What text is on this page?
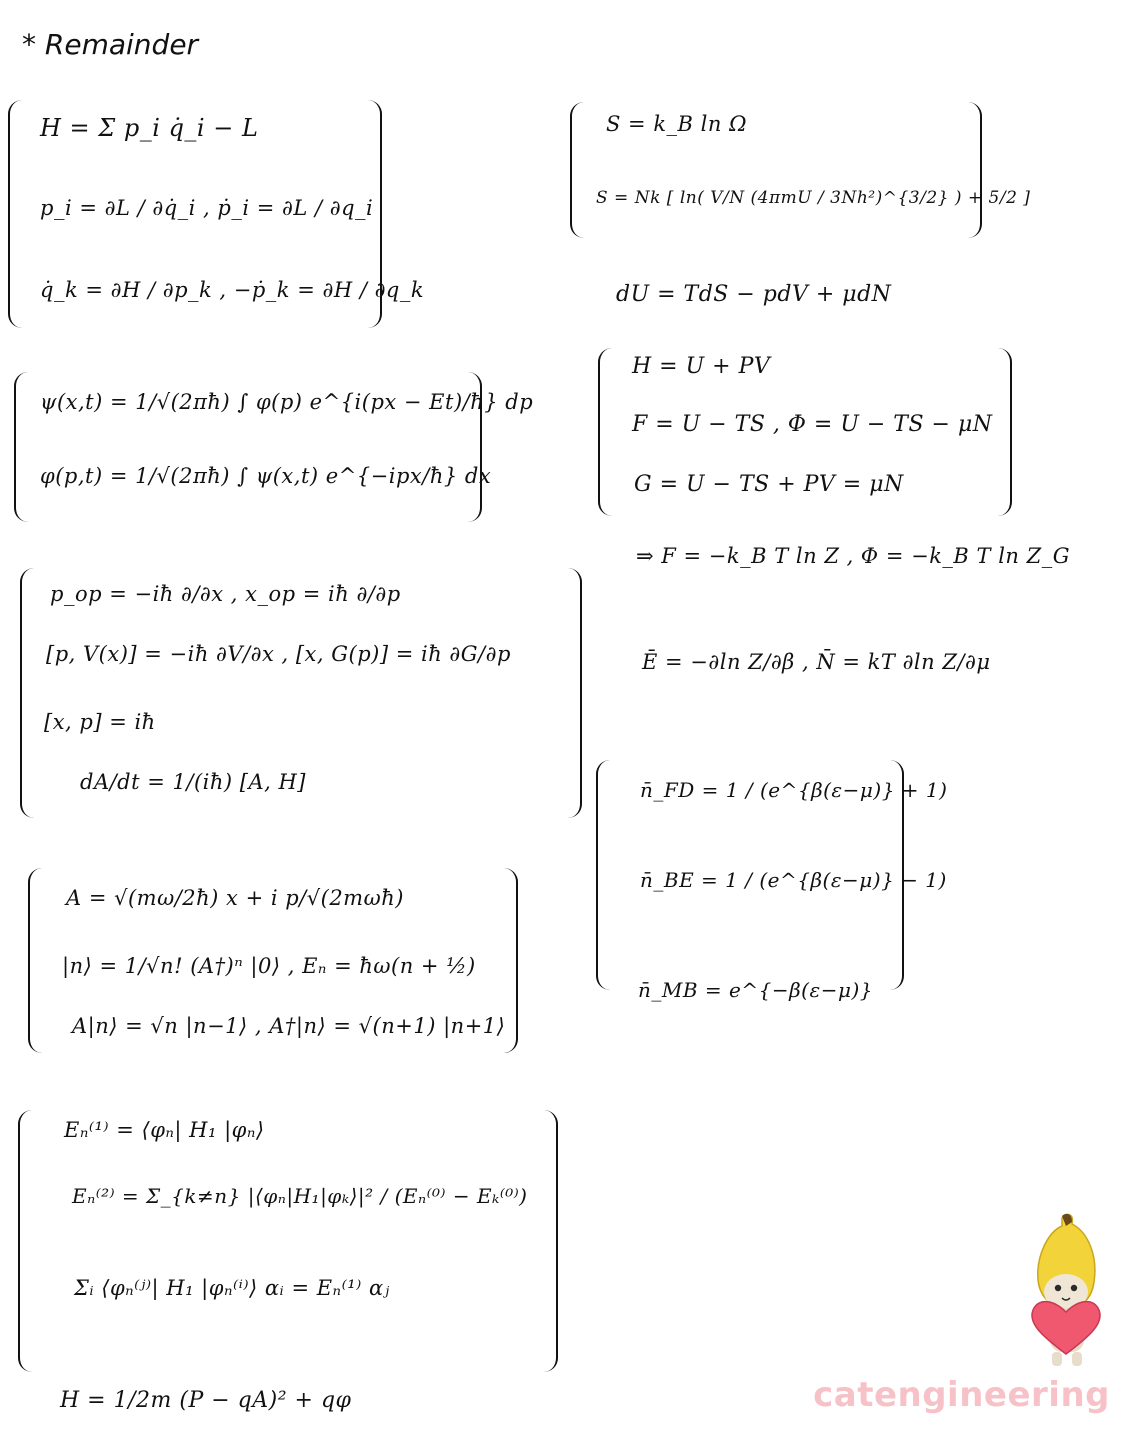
* Remainder
H = Σ p_i q̇_i − L
p_i = ∂L / ∂q̇_i , ṗ_i = ∂L / ∂q_i
q̇_k = ∂H / ∂p_k , −ṗ_k = ∂H / ∂q_k
ψ(x,t) = 1/√(2πħ) ∫ φ(p) e^{i(px − Et)/ħ} dp
φ(p,t) = 1/√(2πħ) ∫ ψ(x,t) e^{−ipx/ħ} dx
p_op = −iħ ∂/∂x , x_op = iħ ∂/∂p
[p, V(x)] = −iħ ∂V/∂x , [x, G(p)] = iħ ∂G/∂p
[x, p] = iħ
dA/dt = 1/(iħ) [A, H]
A = √(mω/2ħ) x + i p/√(2mωħ)
|n⟩ = 1/√n! (A†)ⁿ |0⟩ , Eₙ = ħω(n + ½)
A|n⟩ = √n |n−1⟩ , A†|n⟩ = √(n+1) |n+1⟩
Eₙ⁽¹⁾ = ⟨φₙ| H₁ |φₙ⟩
Eₙ⁽²⁾ = Σ_{k≠n} |⟨φₙ|H₁|φₖ⟩|² / (Eₙ⁽⁰⁾ − Eₖ⁽⁰⁾)
Σᵢ ⟨φₙ⁽ʲ⁾| H₁ |φₙ⁽ⁱ⁾⟩ αᵢ = Eₙ⁽¹⁾ αⱼ
H = 1/2m (P − qA)² + qφ
S = k_B ln Ω
S = Nk [ ln( V/N (4πmU / 3Nh²)^{3/2} ) + 5/2 ]
dU = TdS − pdV + μdN
H = U + PV
F = U − TS , Φ = U − TS − μN
G = U − TS + PV = μN
⇒ F = −k_B T ln Z , Φ = −k_B T ln Z_G
Ē = −∂ln Z/∂β , N̄ = kT ∂ln Z/∂μ
n̄_FD = 1 / (e^{β(ε−μ)} + 1)
n̄_BE = 1 / (e^{β(ε−μ)} − 1)
n̄_MB = e^{−β(ε−μ)}
catengineering
